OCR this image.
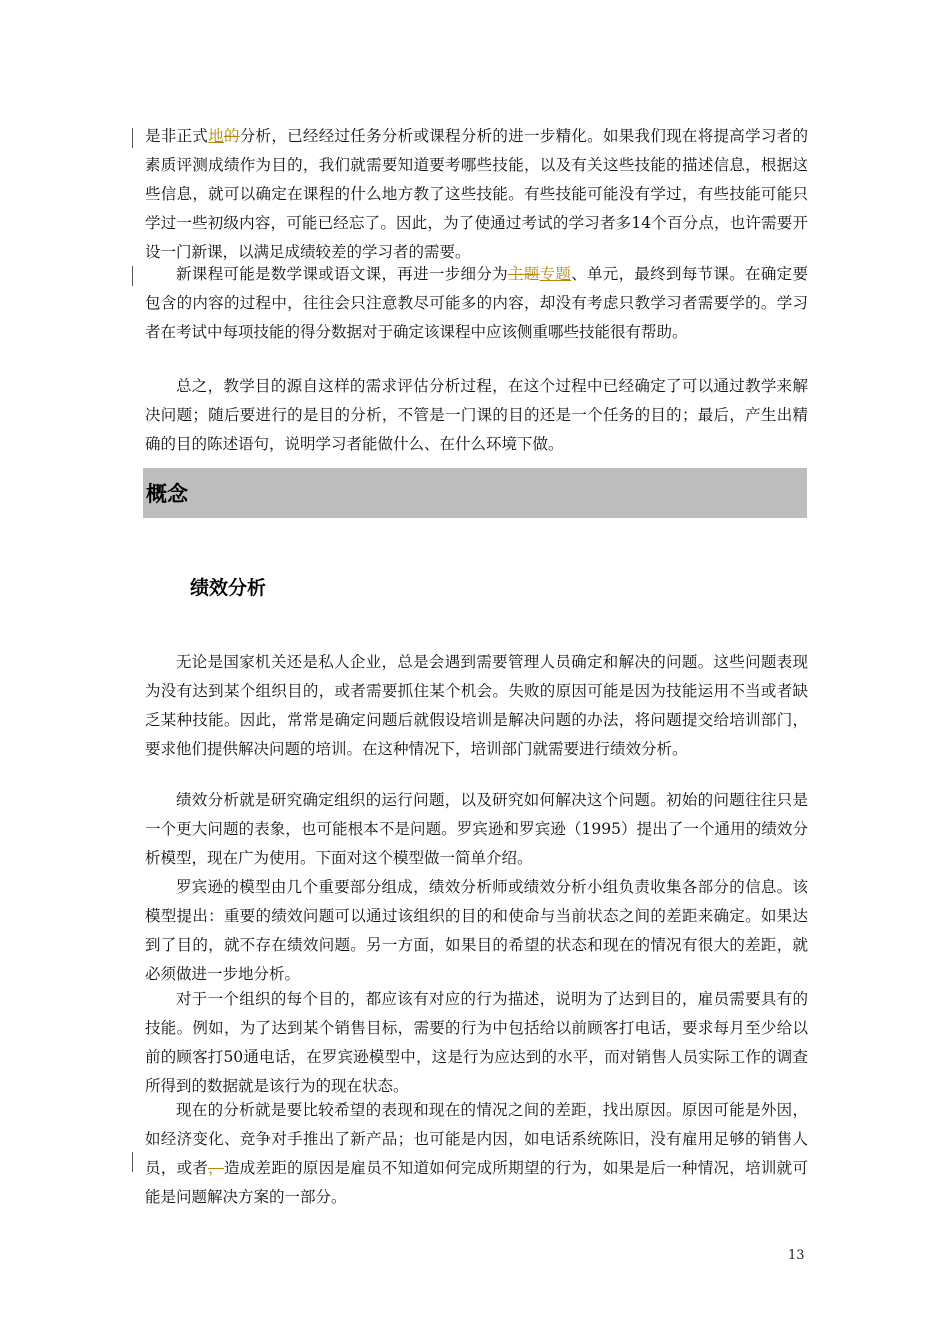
是非正式地的分析，已经经过任务分析或课程分析的进一步精化。如果我们现在将提高学习者的素质评测成绩作为目的，我们就需要知道要考哪些技能，以及有关这些技能的描述信息，根据这些信息，就可以确定在课程的什么地方教了这些技能。有些技能可能没有学过，有些技能可能只学过一些初级内容，可能已经忘了。因此，为了使通过考试的学习者多14个百分点，也许需要开设一门新课，以满足成绩较差的学习者的需要。

新课程可能是数学课或语文课，再进一步细分为主题专题、单元，最终到每节课。在确定要包含的内容的过程中，往往会只注意教尽可能多的内容，却没有考虑只教学习者需要学的。学习者在考试中每项技能的得分数据对于确定该课程中应该侧重哪些技能很有帮助。

总之，教学目的源自这样的需求评估分析过程，在这个过程中已经确定了可以通过教学来解决问题；随后要进行的是目的分析，不管是一门课的目的还是一个任务的目的；最后，产生出精确的目的陈述语句，说明学习者能做什么、在什么环境下做。

概念
绩效分析

无论是国家机关还是私人企业，总是会遇到需要管理人员确定和解决的问题。这些问题表现为没有达到某个组织目的，或者需要抓住某个机会。失败的原因可能是因为技能运用不当或者缺乏某种技能。因此，常常是确定问题后就假设培训是解决问题的办法，将问题提交给培训部门，要求他们提供解决问题的培训。在这种情况下，培训部门就需要进行绩效分析。

绩效分析就是研究确定组织的运行问题，以及研究如何解决这个问题。初始的问题往往只是一个更大问题的表象，也可能根本不是问题。罗宾逊和罗宾逊（1995）提出了一个通用的绩效分析模型，现在广为使用。下面对这个模型做一简单介绍。

罗宾逊的模型由几个重要部分组成，绩效分析师或绩效分析小组负责收集各部分的信息。该模型提出：重要的绩效问题可以通过该组织的目的和使命与当前状态之间的差距来确定。如果达到了目的，就不存在绩效问题。另一方面，如果目的希望的状态和现在的情况有很大的差距，就必须做进一步地分析。

对于一个组织的每个目的，都应该有对应的行为描述，说明为了达到目的，雇员需要具有的技能。例如，为了达到某个销售目标，需要的行为中包括给以前顾客打电话，要求每月至少给以前的顾客打50通电话，在罗宾逊模型中，这是行为应达到的水平，而对销售人员实际工作的调查所得到的数据就是该行为的现在状态。

现在的分析就是要比较希望的表现和现在的情况之间的差距，找出原因。原因可能是外因，如经济变化、竞争对手推出了新产品；也可能是内因，如电话系统陈旧，没有雇用足够的销售人员，或者，造成差距的原因是雇员不知道如何完成所期望的行为，如果是后一种情况，培训就可能是问题解决方案的一部分。

13
